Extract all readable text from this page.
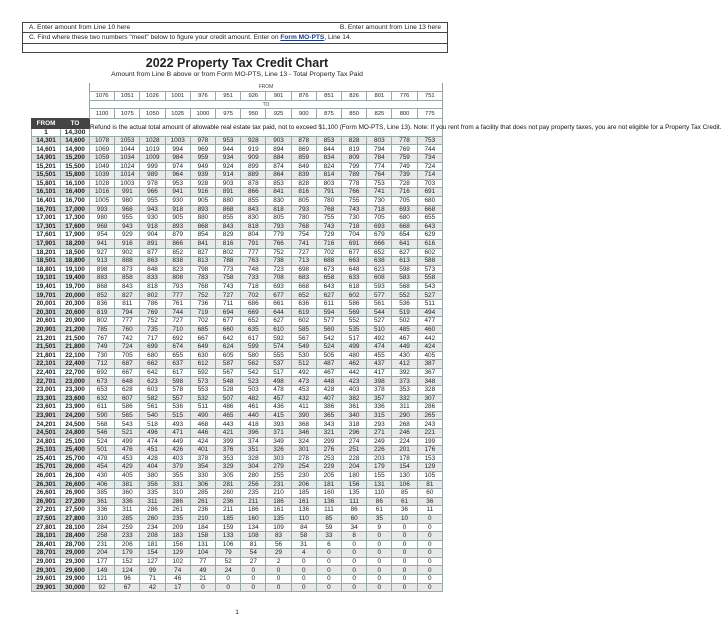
A. Enter amount from Line 10 here	B. Enter amount from Line 13 here
C. Find where these two numbers "meet" below to figure your credit amount. Enter on Form MO-PTS, Line 14.
2022 Property Tax Credit Chart
Amount from Line B above or from Form MO-PTS, Line 13 - Total Property Tax Paid
		FROM													
		1076	1051	1026	1001	976	951	926	901	876	851	826	801	776	751
		TO													
		1100	1075	1050	1025	1000	975	950	925	900	875	850	825	800	775
FROM	TO	Refund is the actual total amount of allowable real estate tax paid, not to exceed $1,100 (Form MO-PTS, Line 13). Note: If you rent from a facility that does not pay property taxes, you are not eligible for a Property Tax Credit.													
1	14,300														
14,301	14,600	1078	1053	1028	1003	978	953	928	903	878	853	828	803	778	753
14,601	14,900	1069	1044	1019	994	969	944	919	894	869	844	819	794	769	744
14,901	15,200	1059	1034	1009	984	959	934	909	884	859	834	809	784	759	734
15,201	15,500	1049	1024	999	974	949	924	899	874	849	824	799	774	749	724
15,501	15,800	1039	1014	989	964	939	914	889	864	839	814	789	764	739	714
15,801	16,100	1028	1003	978	953	928	903	878	853	828	803	778	753	728	703
16,101	16,400	1016	991	966	941	916	891	866	841	816	791	766	741	716	691
16,401	16,700	1005	980	955	930	905	880	855	830	805	780	755	730	705	680
16,701	17,000	993	968	943	918	893	868	843	818	793	768	743	718	693	668
17,001	17,300	980	955	930	905	880	855	830	805	780	755	730	705	680	655
17,301	17,600	968	943	918	893	868	843	818	793	768	743	718	693	668	643
17,601	17,900	954	929	904	879	854	829	804	779	754	729	704	679	654	629
17,901	18,200	941	916	891	866	841	816	791	766	741	716	691	666	641	616
18,201	18,500	927	902	877	852	827	802	777	752	727	702	677	652	627	602
18,501	18,800	913	888	863	838	813	788	763	738	713	688	663	638	613	588
18,801	19,100	898	873	848	823	798	773	748	723	698	673	648	623	598	573
19,101	19,400	883	858	833	808	783	758	733	708	683	658	633	608	583	558
19,401	19,700	868	843	818	793	768	743	718	693	668	643	618	593	568	543
19,701	20,000	852	827	802	777	752	727	702	677	652	627	602	577	552	527
20,001	20,300	836	811	786	761	736	711	686	661	636	611	586	561	536	511
20,301	20,600	819	794	769	744	719	694	669	644	619	594	569	544	519	494
20,601	20,900	802	777	752	727	702	677	652	627	602	577	552	527	502	477
20,901	21,200	785	760	735	710	685	660	635	610	585	560	535	510	485	460
21,201	21,500	767	742	717	692	667	642	617	592	567	542	517	492	467	442
21,501	21,800	749	724	699	674	649	624	599	574	549	524	499	474	449	424
21,801	22,100	730	705	680	655	630	605	580	555	530	505	480	455	430	405
22,101	22,400	712	687	662	637	612	587	562	537	512	487	462	437	412	387
22,401	22,700	692	667	642	617	592	567	542	517	492	467	442	417	392	367
22,701	23,000	673	648	623	598	573	548	523	498	473	448	423	398	373	348
23,001	23,300	653	628	603	578	553	528	503	478	453	428	403	378	353	328
23,301	23,600	632	607	582	557	532	507	482	457	432	407	382	357	332	307
23,601	23,900	611	586	561	536	511	486	461	436	411	386	361	336	311	286
23,901	24,200	590	565	540	515	490	465	440	415	390	365	340	315	290	265
24,201	24,500	568	543	518	493	468	443	418	393	368	343	318	293	268	243
24,501	24,800	546	521	496	471	446	421	396	371	346	321	296	271	246	221
24,801	25,100	524	499	474	449	424	399	374	349	324	299	274	249	224	199
25,101	25,400	501	476	451	426	401	376	351	326	301	276	251	226	201	176
25,401	25,700	478	453	428	403	378	353	328	303	278	253	228	203	178	153
25,701	26,000	454	429	404	379	354	329	304	279	254	229	204	179	154	129
26,001	26,300	430	405	380	355	330	305	280	255	230	205	180	155	130	105
26,301	26,600	406	381	356	331	306	281	256	231	206	181	156	131	106	81
26,601	26,900	385	360	335	310	285	260	235	210	185	160	135	110	85	60
26,901	27,200	361	336	311	286	261	236	211	186	161	136	111	86	61	36
27,201	27,500	336	311	286	261	236	211	186	161	136	111	86	61	36	11
27,501	27,800	310	285	260	235	210	185	160	135	110	85	60	35	10	0
27,801	28,100	284	259	234	209	184	159	134	109	84	59	34	9	0	0
28,101	28,400	258	233	208	183	158	133	108	83	58	33	8	0	0	0
28,401	28,700	231	206	181	156	131	106	81	56	31	6	0	0	0	0
28,701	29,000	204	179	154	129	104	79	54	29	4	0	0	0	0	0
29,001	29,300	177	152	127	102	77	52	27	2	0	0	0	0	0	0
29,301	29,600	149	124	99	74	49	24	0	0	0	0	0	0	0	0
29,601	29,900	121	96	71	46	21	0	0	0	0	0	0	0	0	0
29,901	30,000	92	67	42	17	0	0	0	0	0	0	0	0	0	0
1
